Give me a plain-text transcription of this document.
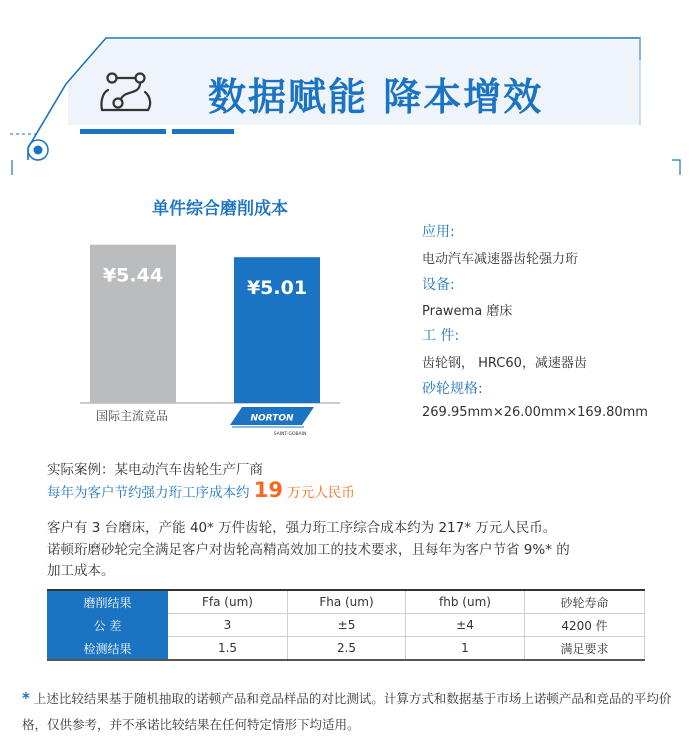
数据赋能 降本增效
单件综合磨削成本
¥5.44
¥5.01
国际主流竞品	NORTON
SAINT-GOBAIN
应用:
电动汽车减速器齿轮强力珩
设备:
Prawema 磨床
工 件:
齿轮钢， HRC60，减速器齿
砂轮规格:
269.95mm×26.00mm×169.80mm
实际案例：某电动汽车齿轮生产厂商
每年为客户节约强力珩工序成本约 19 万元人民币
客户有 3 台磨床，产能 40* 万件齿轮，强力珩工序综合成本约为 217* 万元人民币。
诺顿珩磨砂轮完全满足客户对齿轮高精高效加工的技术要求，且每年为客户节省 9%* 的
加工成本。
磨削结果	Ffa (um)	Fha (um)	fhb (um)	砂轮寿命
公 差	3	±5	±4	4200 件
检测结果	1.5	2.5	1	满足要求
* 上述比较结果基于随机抽取的诺顿产品和竞品样品的对比测试。计算方式和数据基于市场上诺顿产品和竞品的平均价格，仅供参考，并不承诺比较结果在任何特定情形下均适用。
